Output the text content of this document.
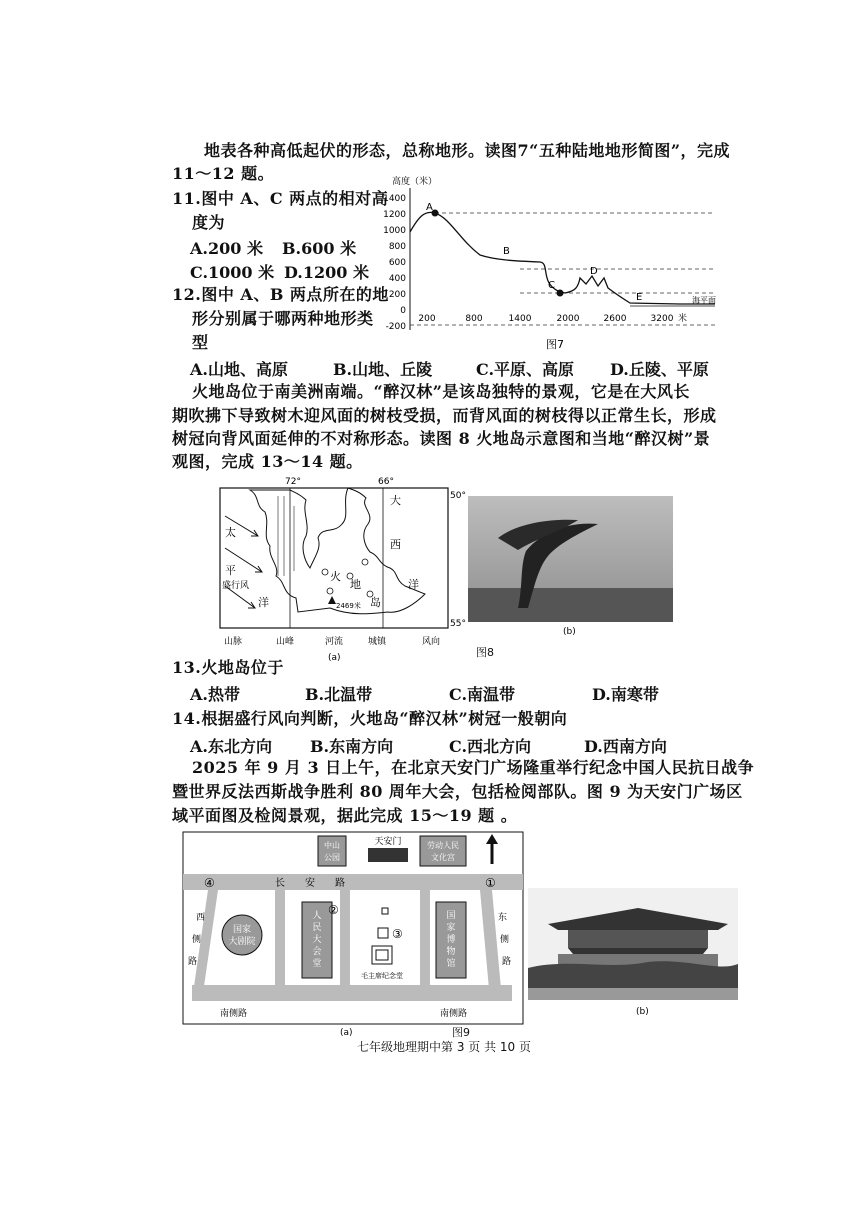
地表各种高低起伏的形态，总称地形。读图7“五种陆地地形简图”，完成
11～12 题。
11.图中 A、C 两点的相对高
度为
A.200 米 B.600 米
C.1000 米 D.1200 米
12.图中 A、B 两点所在的地
形分别属于哪两种地形类
型
A.山地、高原	B.山地、丘陵	C.平原、高原 D.丘陵、平原
高度（米）
1400
1200
1000
800
600
400
200
0
-200
A
B
C
D
E	海平面
200	800	1400	2000	2600	3200 米
图7
火地岛位于南美洲南端。“醉汉林”是该岛独特的景观，它是在大风长
期吹拂下导致树木迎风面的树枝受损，而背风面的树枝得以正常生长，形成
树冠向背风面延伸的不对称形态。读图 8 火地岛示意图和当地“醉汉树”景
观图，完成 13～14 题。
72°	66°
50°
55°
太
平
洋
大
西
洋
火
地
岛
盛行风
2469米
山脉	山峰	河流	城镇	风向
(a)
(b)
图8
13.火地岛位于
A.热带	B.北温带	C.南温带	D.南寒带
14.根据盛行风向判断，火地岛“醉汉林”树冠一般朝向
A.东北方向 B.东南方向	C.西北方向	D.西南方向
2025 年 9 月 3 日上午，在北京天安门广场隆重举行纪念中国人民抗日战争
暨世界反法西斯战争胜利 80 周年大会，包括检阅部队。图 9 为天安门广场区
域平面图及检阅景观，据此完成 15～19 题 。
中山
公园
天安门	劳动人民
文化宫
长 安 路
西
侧
路
东
侧
路
南侧路	南侧路
国家
大剧院
人
民
大
会
堂
国
家
博
物
馆
毛主席纪念堂
①
②
③
④
(a)	图9
(b)
七年级地理期中第 3 页 共 10 页
